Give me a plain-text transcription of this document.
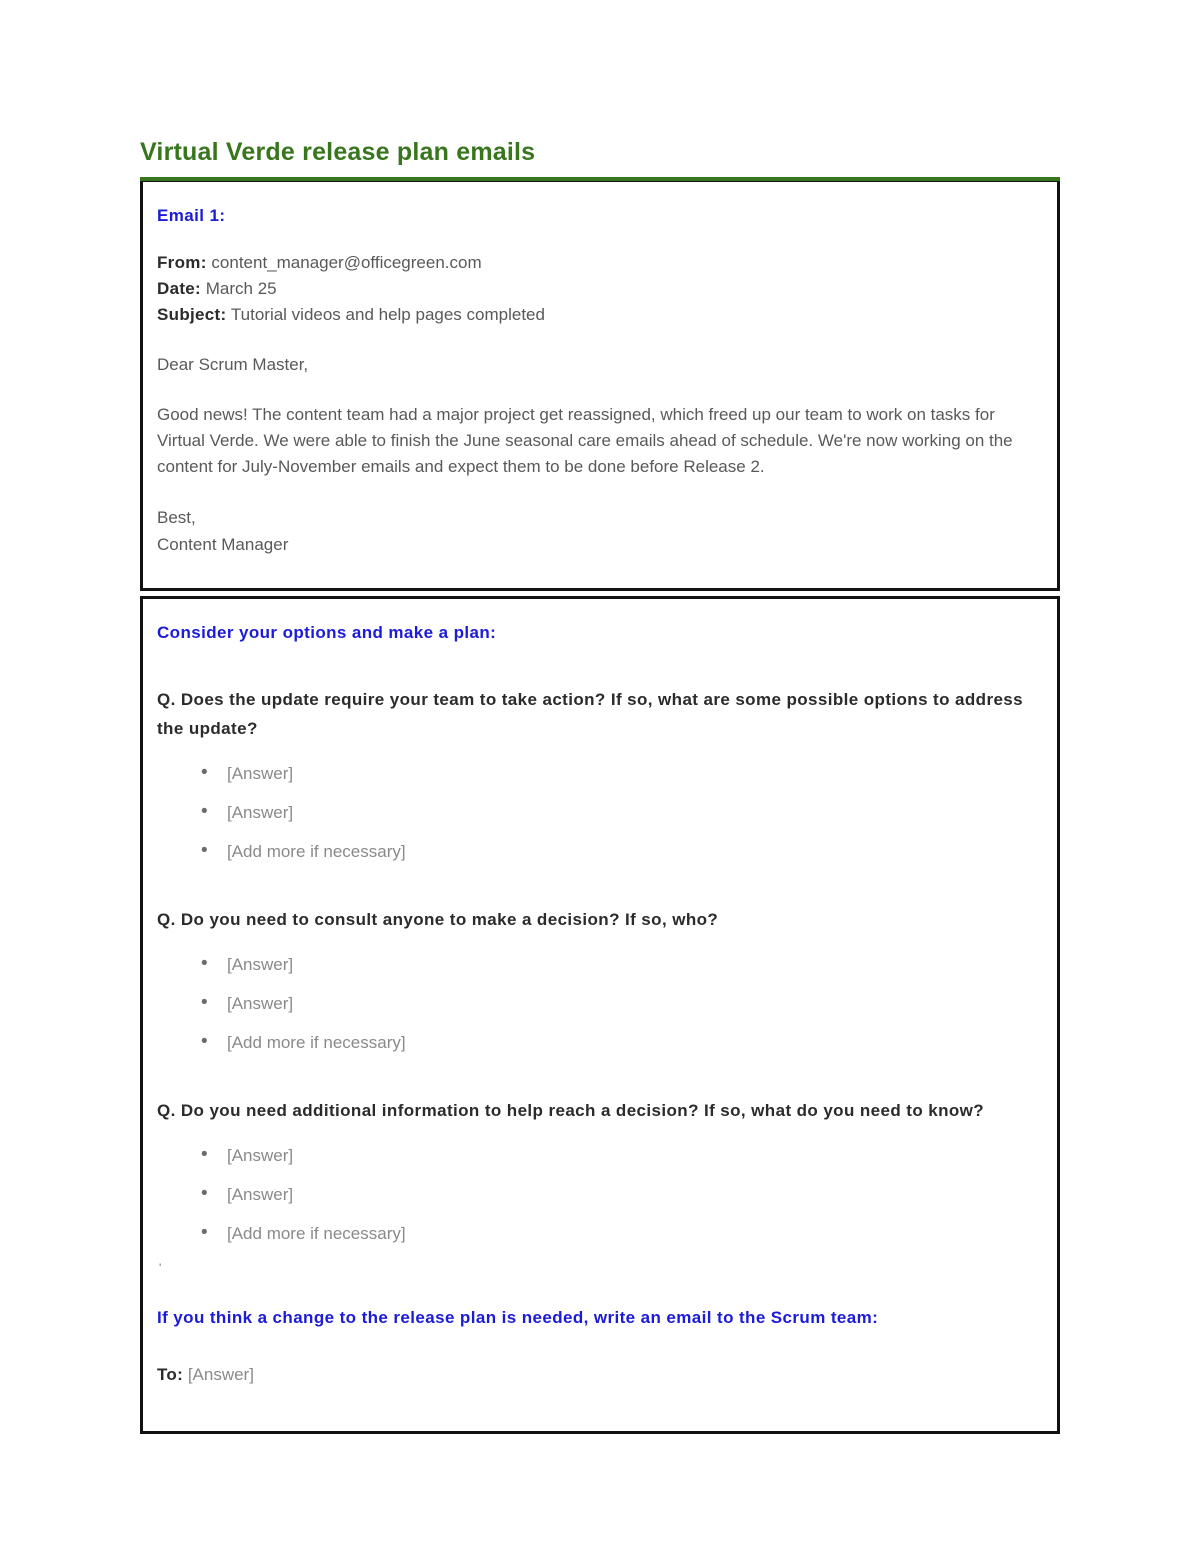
Virtual Verde release plan emails

Email 1:

From: content_manager@officegreen.com
Date: March 25
Subject: Tutorial videos and help pages completed

Dear Scrum Master,

Good news! The content team had a major project get reassigned, which freed up our team to work on tasks for Virtual Verde. We were able to finish the June seasonal care emails ahead of schedule. We're now working on the content for July-November emails and expect them to be done before Release 2.

Best,
Content Manager

Consider your options and make a plan:

Q. Does the update require your team to take action? If so, what are some possible options to address the update?

• [Answer]
• [Answer]
• [Add more if necessary]

Q. Do you need to consult anyone to make a decision? If so, who?

• [Answer]
• [Answer]
• [Add more if necessary]

Q. Do you need additional information to help reach a decision? If so, what do you need to know?

• [Answer]
• [Answer]
• [Add more if necessary]
'

If you think a change to the release plan is needed, write an email to the Scrum team:

To: [Answer]
